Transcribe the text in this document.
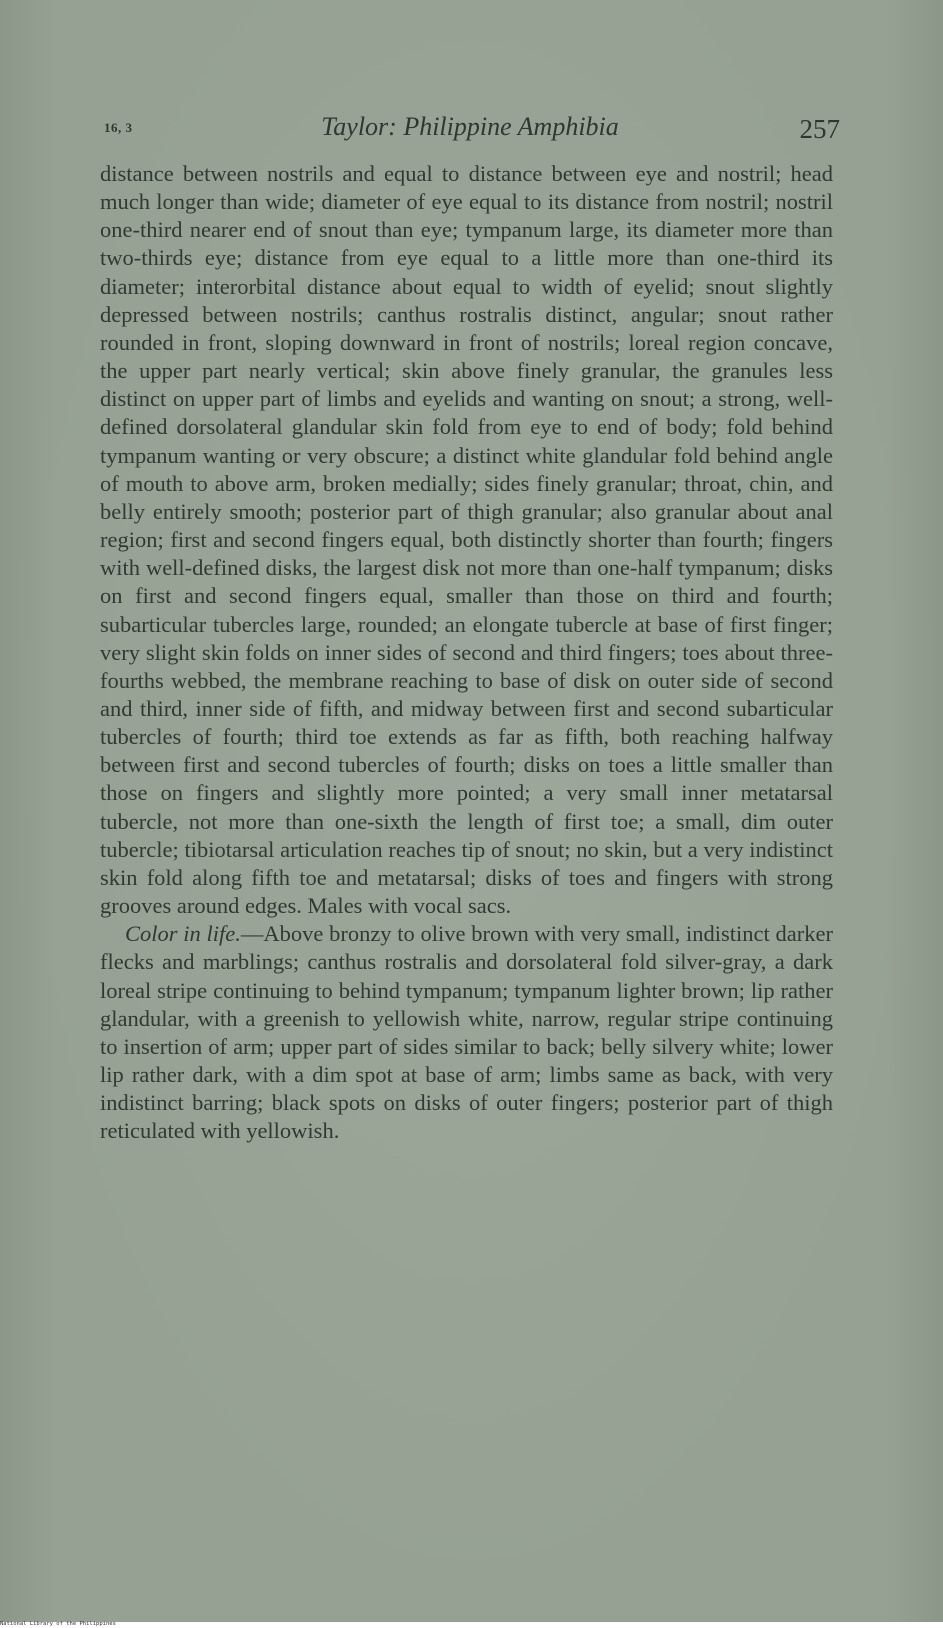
16, 3	Taylor: Philippine Amphibia	257

distance between nostrils and equal to distance between eye and nostril; head much longer than wide; diameter of eye equal to its distance from nostril; nostril one-third nearer end of snout than eye; tympanum large, its diameter more than two-thirds eye; distance from eye equal to a little more than one-third its diameter; interorbital distance about equal to width of eyelid; snout slightly depressed between nostrils; canthus rostralis distinct, angular; snout rather rounded in front, sloping downward in front of nostrils; loreal region concave, the upper part nearly vertical; skin above finely granular, the granules less distinct on upper part of limbs and eyelids and wanting on snout; a strong, well-defined dorsolateral glandular skin fold from eye to end of body; fold behind tympanum wanting or very obscure; a distinct white glandular fold behind angle of mouth to above arm, broken medially; sides finely granular; throat, chin, and belly entirely smooth; posterior part of thigh granular; also granular about anal region; first and second fingers equal, both distinctly shorter than fourth; fingers with well-defined disks, the largest disk not more than one-half tympanum; disks on first and second fingers equal, smaller than those on third and fourth; subarticular tubercles large, rounded; an elongate tubercle at base of first finger; very slight skin folds on inner sides of second and third fingers; toes about three-fourths webbed, the membrane reaching to base of disk on outer side of second and third, inner side of fifth, and midway between first and second subarticular tubercles of fourth; third toe extends as far as fifth, both reaching halfway between first and second tubercles of fourth; disks on toes a little smaller than those on fingers and slightly more pointed; a very small inner metatarsal tubercle, not more than one-sixth the length of first toe; a small, dim outer tubercle; tibiotarsal articulation reaches tip of snout; no skin, but a very indistinct skin fold along fifth toe and metatarsal; disks of toes and fingers with strong grooves around edges. Males with vocal sacs.

Color in life.—Above bronzy to olive brown with very small, indistinct darker flecks and marblings; canthus rostralis and dorsolateral fold silver-gray, a dark loreal stripe continuing to behind tympanum; tympanum lighter brown; lip rather glandular, with a greenish to yellowish white, narrow, regular stripe continuing to insertion of arm; upper part of sides similar to back; belly silvery white; lower lip rather dark, with a dim spot at base of arm; limbs same as back, with very indistinct barring; black spots on disks of outer fingers; posterior part of thigh reticulated with yellowish.

National Library of the Philippines
